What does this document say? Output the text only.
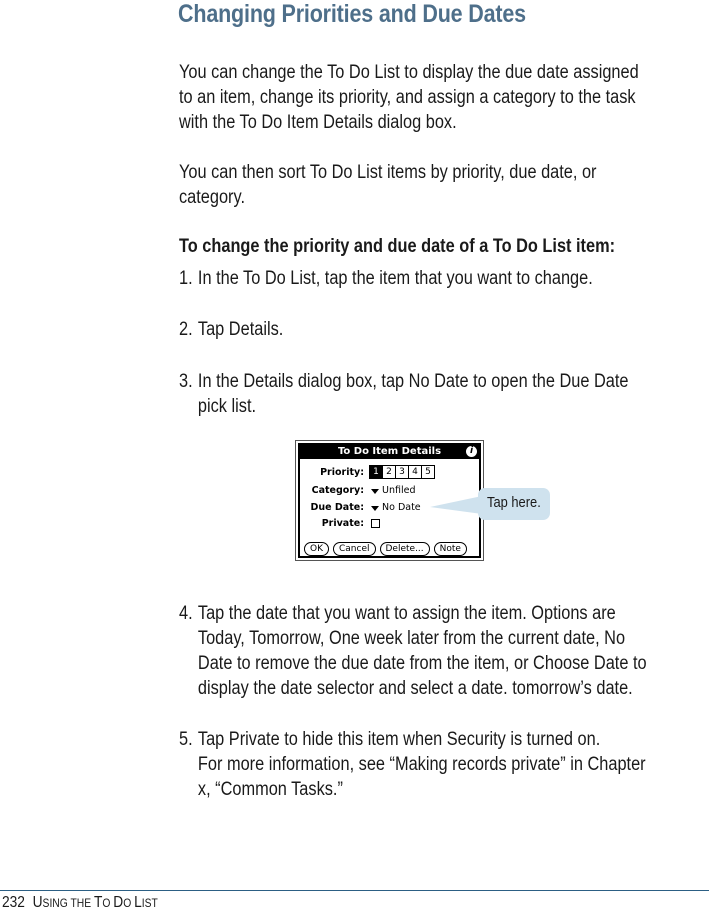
Changing Priorities and Due Dates
You can change the To Do List to display the due date assigned
to an item, change its priority, and assign a category to the task
with the To Do Item Details dialog box.
You can then sort To Do List items by priority, due date, or
category.
To change the priority and due date of a To Do List item:
1. In the To Do List, tap the item that you want to change.
2. Tap Details.
3. In the Details dialog box, tap No Date to open the Due Date
pick list.
To Do Item Details	i
Priority:	1 2 3 4 5
Category: Unfiled
Due Date: No Date
Private:
OK	Cancel	Delete...	Note
Tap here.
4. Tap the date that you want to assign the item. Options are
Today, Tomorrow, One week later from the current date, No
Date to remove the due date from the item, or Choose Date to
display the date selector and select a date. tomorrow’s date.
5. Tap Private to hide this item when Security is turned on.
For more information, see “Making records private” in Chapter
x, “Common Tasks.”
232 USING THE TO DO LIST
